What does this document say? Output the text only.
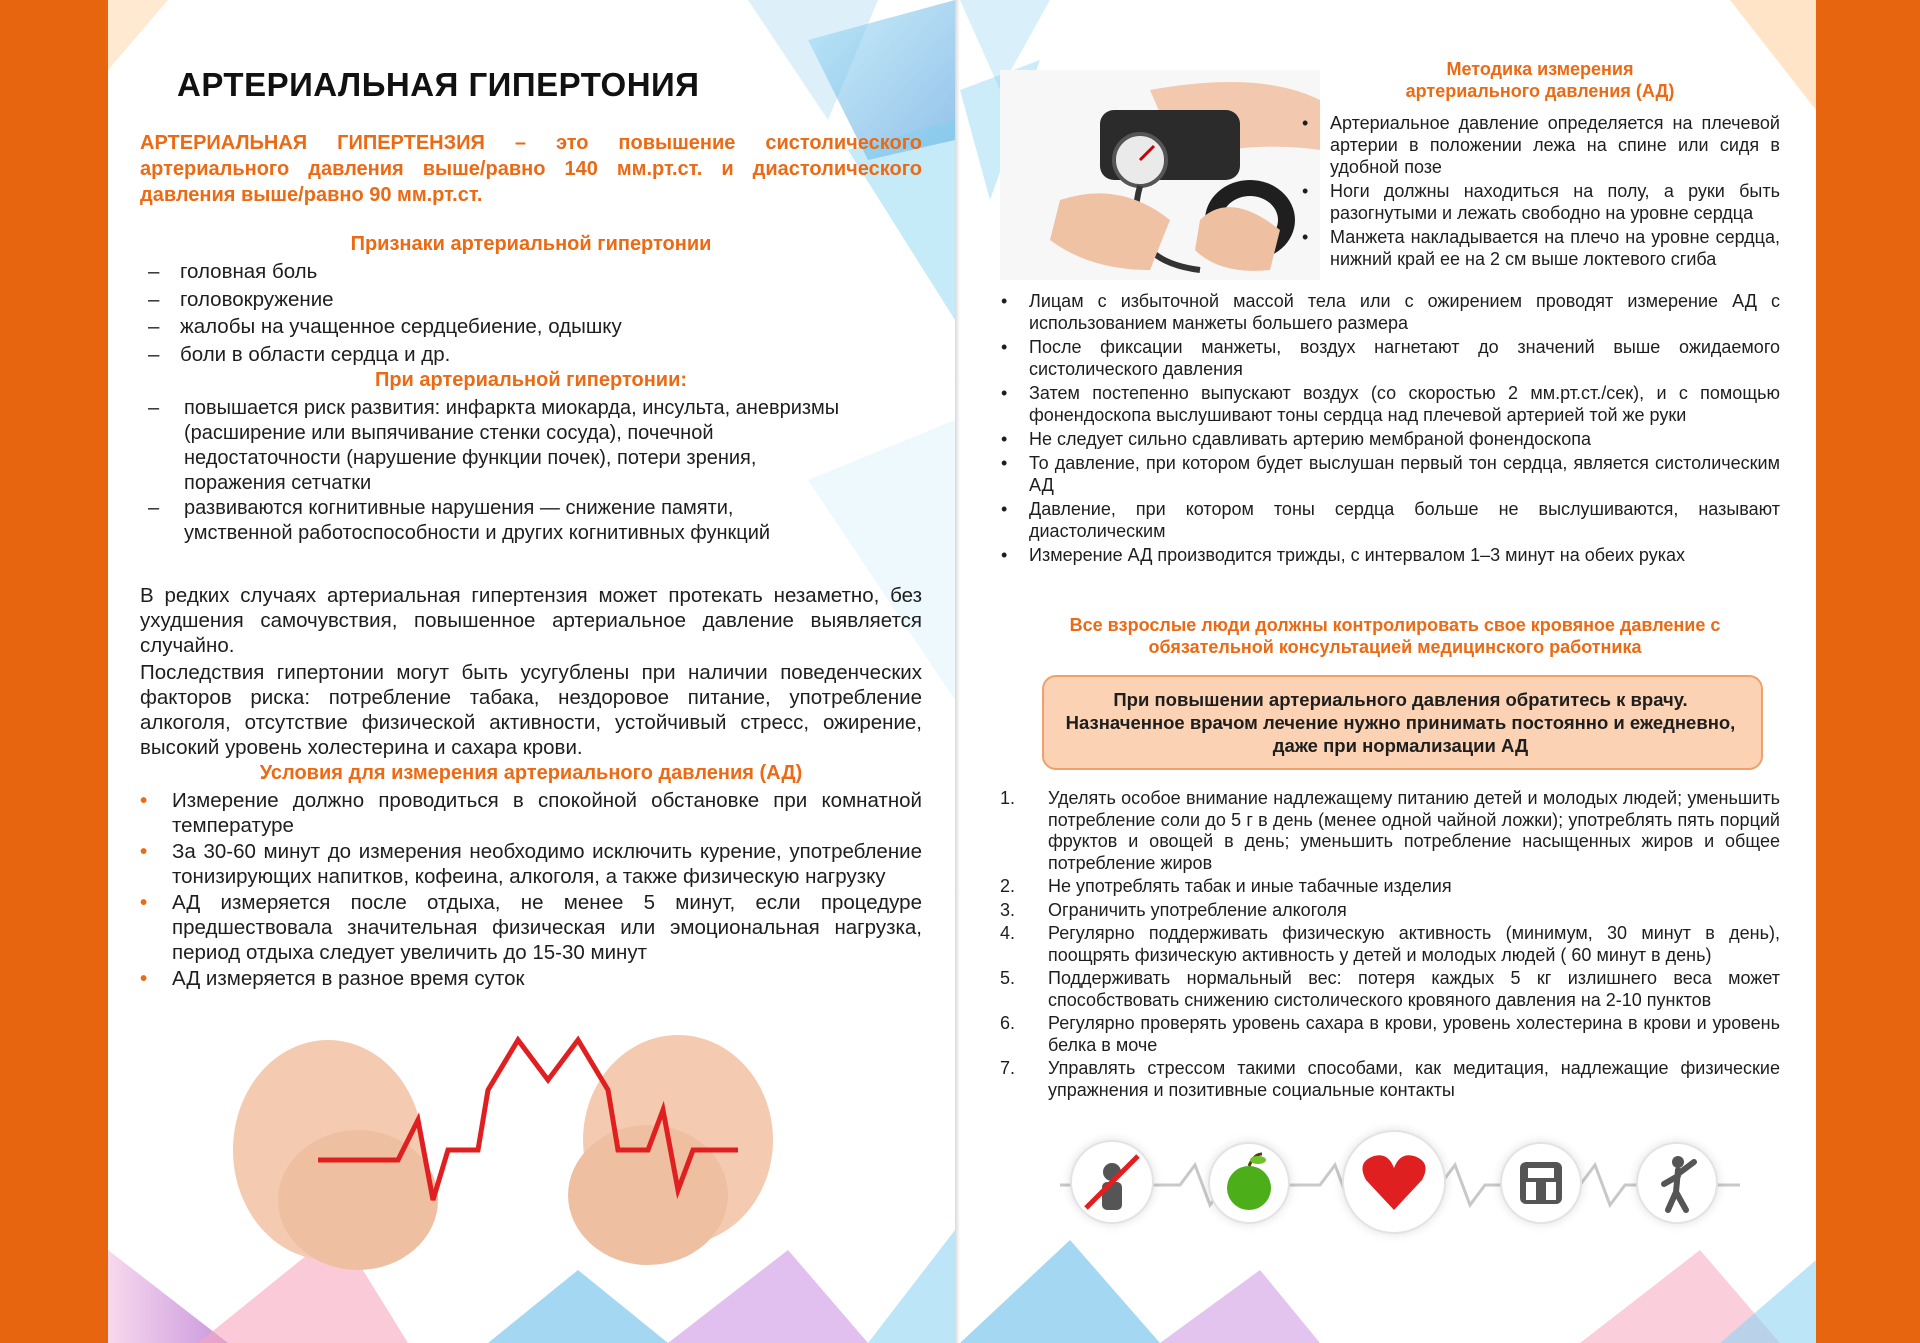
АРТЕРИАЛЬНАЯ ГИПЕРТОНИЯ
АРТЕРИАЛЬНАЯ ГИПЕРТЕНЗИЯ – это повышение систолического артериального давления выше/равно 140 мм.рт.ст. и диастолического давления выше/равно 90 мм.рт.ст.
Признаки артериальной гипертонии
– головная боль
– головокружение
– жалобы на учащенное сердцебиение, одышку
– боли в области сердца и др.
При артериальной гипертонии:
– повышается риск развития: инфаркта миокарда, инсульта, аневризмы (расширение или выпячивание стенки сосуда), почечной недостаточности (нарушение функции почек), потери зрения, поражения сетчатки
– развиваются когнитивные нарушения — снижение памяти, умственной работоспособности и других когнитивных функций
В редких случаях артериальная гипертензия может протекать незаметно, без ухудшения самочувствия, повышенное артериальное давление выявляется случайно.
Последствия гипертонии могут быть усугублены при наличии поведенческих факторов риска: потребление табака, нездоровое питание, употребление алкоголя, отсутствие физической активности, устойчивый стресс, ожирение, высокий уровень холестерина и сахара крови.
Условия для измерения артериального давления (АД)
• Измерение должно проводиться в спокойной обстановке при комнатной температуре
• За 30-60 минут до измерения необходимо исключить курение, употребление тонизирующих напитков, кофеина, алкоголя, а также физическую нагрузку
• АД измеряется после отдыха, не менее 5 минут, если процедуре предшествовала значительная физическая или эмоциональная нагрузка, период отдыха следует увеличить до 15-30 минут
• АД измеряется в разное время суток
Методика измерения
артериального давления (АД)
• Артериальное давление определяется на плечевой артерии в положении лежа на спине или сидя в удобной позе
• Ноги должны находиться на полу, а руки быть разогнутыми и лежать свободно на уровне сердца
• Манжета накладывается на плечо на уровне сердца, нижний край ее на 2 см выше локтевого сгиба
• Лицам с избыточной массой тела или с ожирением проводят измерение АД с использованием манжеты большего размера
• После фиксации манжеты, воздух нагнетают до значений выше ожидаемого систолического давления
• Затем постепенно выпускают воздух (со скоростью 2 мм.рт.ст./сек), и с помощью фонендоскопа выслушивают тоны сердца над плечевой артерией той же руки
• Не следует сильно сдавливать артерию мембраной фонендоскопа
• То давление, при котором будет выслушан первый тон сердца, является систолическим АД
• Давление, при котором тоны сердца больше не выслушиваются, называют диастолическим
• Измерение АД производится трижды, с интервалом 1–3 минут на обеих руках
Все взрослые люди должны контролировать свое кровяное давление с обязательной консультацией медицинского работника
При повышении артериального давления обратитесь к врачу.
Назначенное врачом лечение нужно принимать постоянно и ежедневно,
даже при нормализации АД
1. Уделять особое внимание надлежащему питанию детей и молодых людей; уменьшить потребление соли до 5 г в день (менее одной чайной ложки); употреблять пять порций фруктов и овощей в день; уменьшить потребление насыщенных жиров и общее потребление жиров
2. Не употреблять табак и иные табачные изделия
3. Ограничить употребление алкоголя
4. Регулярно поддерживать физическую активность (минимум, 30 минут в день), поощрять физическую активность у детей и молодых людей ( 60 минут в день)
5. Поддерживать нормальный вес: потеря каждых 5 кг излишнего веса может способствовать снижению систолического кровяного давления на 2-10 пунктов
6. Регулярно проверять уровень сахара в крови, уровень холестерина в крови и уровень белка в моче
7. Управлять стрессом такими способами, как медитация, надлежащие физические упражнения и позитивные социальные контакты
